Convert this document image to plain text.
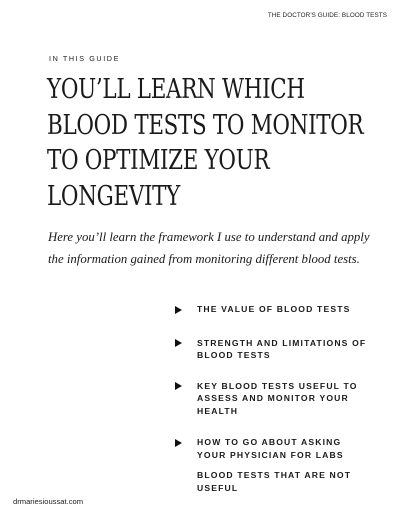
THE DOCTOR'S GUIDE: BLOOD TESTS
IN THIS GUIDE
YOU’LL LEARN WHICH
BLOOD TESTS TO MONITOR
TO OPTIMIZE YOUR
LONGEVITY
Here you’ll learn the framework I use to understand and apply
the information gained from monitoring different blood tests.
THE VALUE OF BLOOD TESTS
STRENGTH AND LIMITATIONS OF
BLOOD TESTS
KEY BLOOD TESTS USEFUL TO
ASSESS AND MONITOR YOUR
HEALTH
HOW TO GO ABOUT ASKING
YOUR PHYSICIAN FOR LABS
BLOOD TESTS THAT ARE NOT
USEFUL
drmariesioussat.com
